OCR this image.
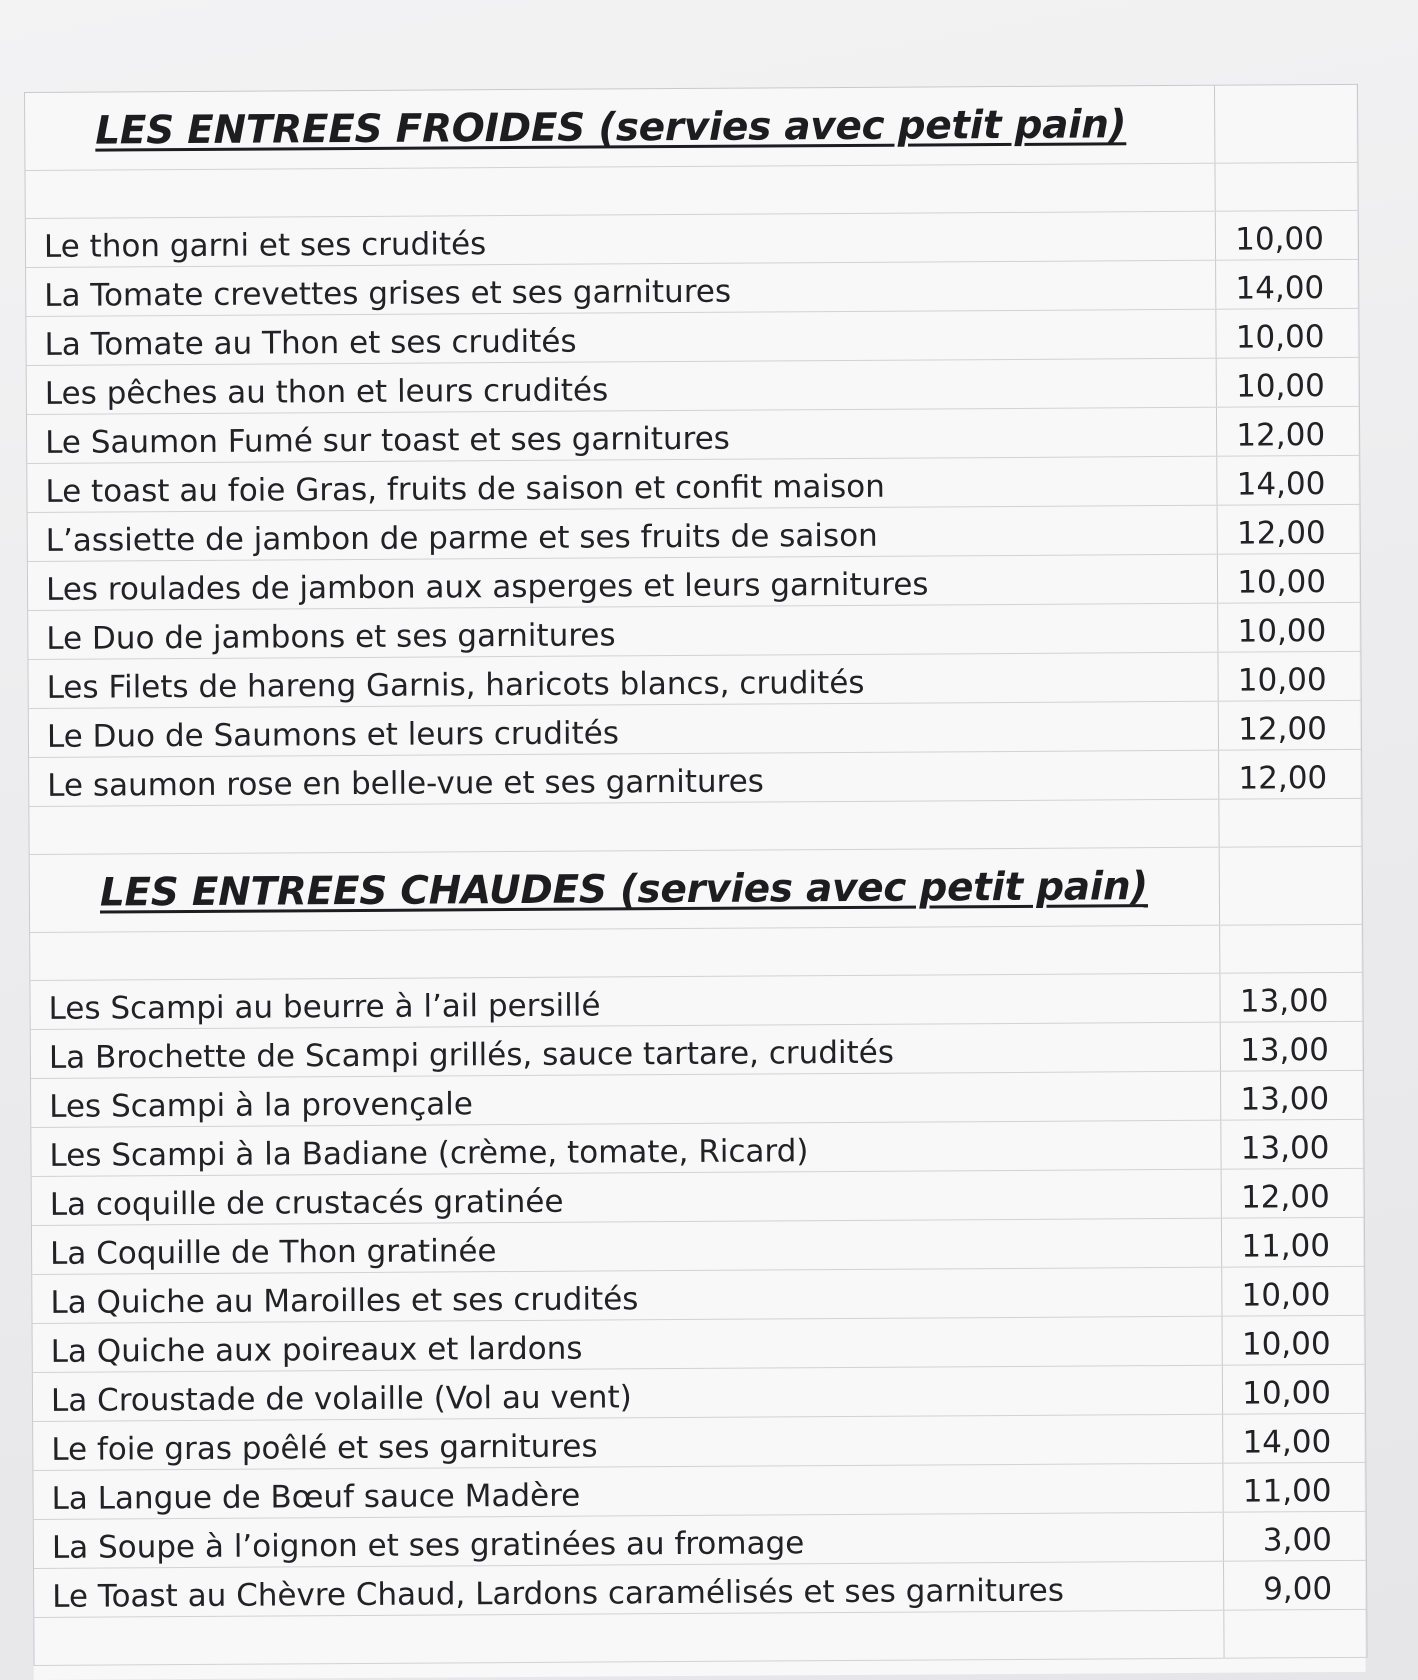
LES ENTREES FROIDES (servies avec petit pain)
Le thon garni et ses crudités	10,00
La Tomate crevettes grises et ses garnitures	14,00
La Tomate au Thon et ses crudités	10,00
Les pêches au thon et leurs crudités	10,00
Le Saumon Fumé sur toast et ses garnitures	12,00
Le toast au foie Gras, fruits de saison et confit maison	14,00
L’assiette de jambon de parme et ses fruits de saison	12,00
Les roulades de jambon aux asperges et leurs garnitures	10,00
Le Duo de jambons et ses garnitures	10,00
Les Filets de hareng Garnis, haricots blancs, crudités	10,00
Le Duo de Saumons et leurs crudités	12,00
Le saumon rose en belle-vue et ses garnitures	12,00
LES ENTREES CHAUDES (servies avec petit pain)
Les Scampi au beurre à l’ail persillé	13,00
La Brochette de Scampi grillés, sauce tartare, crudités	13,00
Les Scampi à la provençale	13,00
Les Scampi à la Badiane (crème, tomate, Ricard)	13,00
La coquille de crustacés gratinée	12,00
La Coquille de Thon gratinée	11,00
La Quiche au Maroilles et ses crudités	10,00
La Quiche aux poireaux et lardons	10,00
La Croustade de volaille (Vol au vent)	10,00
Le foie gras poêlé et ses garnitures	14,00
La Langue de Bœuf sauce Madère	11,00
La Soupe à l’oignon et ses gratinées au fromage	3,00
Le Toast au Chèvre Chaud, Lardons caramélisés et ses garnitures	9,00
